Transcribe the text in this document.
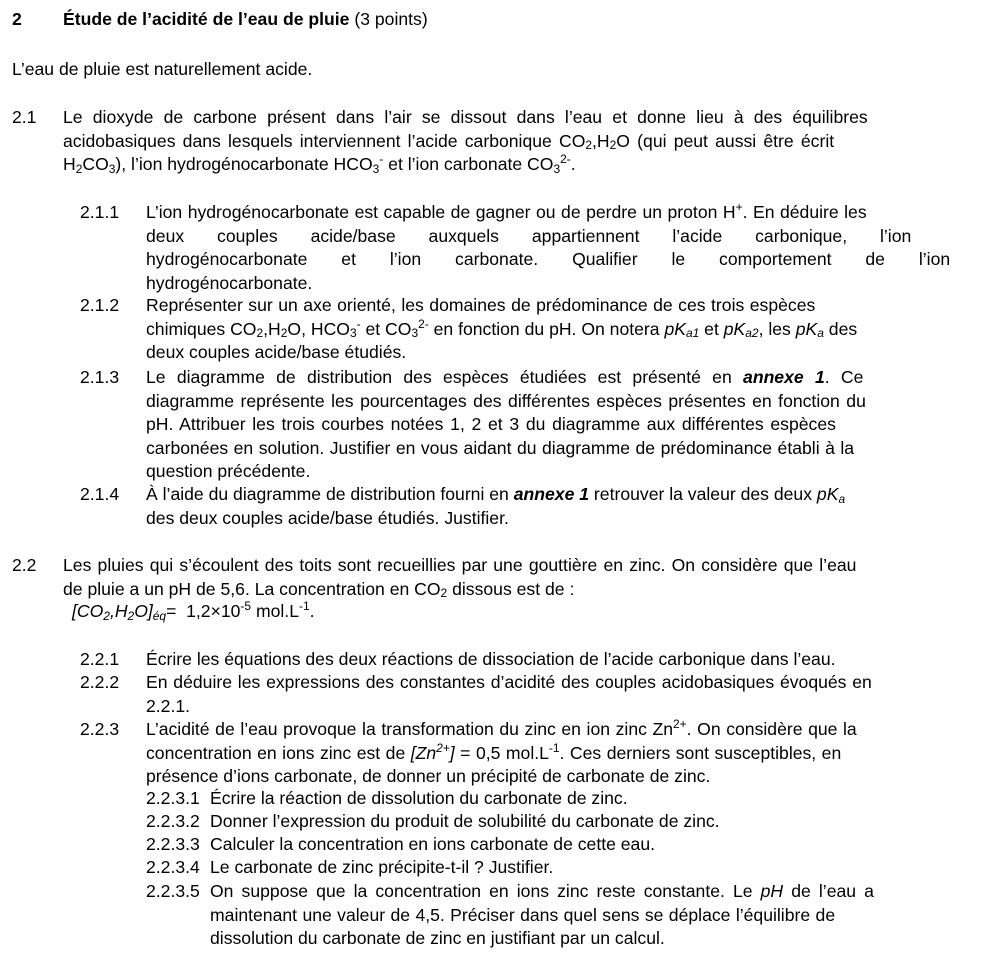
2 Étude de l’acidité de l’eau de pluie (3 points)
L’eau de pluie est naturellement acide.
2.1 Le dioxyde de carbone présent dans l’air se dissout dans l’eau et donne lieu à des équilibres
acidobasiques dans lesquels interviennent l’acide carbonique $CO_2,H_2O$ (qui peut aussi être écrit
$H_2CO_3$), l’ion hydrogénocarbonate $HCO_3^-$ et l’ion carbonate $CO_3^{2-}$.
2.1.1 L’ion hydrogénocarbonate est capable de gagner ou de perdre un proton H+. En déduire les
deux couples acide/base auxquels appartiennent l’acide carbonique, l’ion
hydrogénocarbonate et l’ion carbonate. Qualifier le comportement de l’ion
hydrogénocarbonate.
2.1.2 Représenter sur un axe orienté, les domaines de prédominance de ces trois espèces
chimiques $CO_2,H_2O$, $HCO_3^-$ et $CO_3^{2-}$ en fonction du pH. On notera $pK_{a1}$ et $pK_{a2}$, les $pK_a$ des
deux couples acide/base étudiés.
2.1.3 Le diagramme de distribution des espèces étudiées est présenté en annexe 1. Ce
diagramme représente les pourcentages des différentes espèces présentes en fonction du
pH. Attribuer les trois courbes notées 1, 2 et 3 du diagramme aux différentes espèces
carbonées en solution. Justifier en vous aidant du diagramme de prédominance établi à la
question précédente.
2.1.4 À l’aide du diagramme de distribution fourni en annexe 1 retrouver la valeur des deux $pK_a$
des deux couples acide/base étudiés. Justifier.
2.2 Les pluies qui s’écoulent des toits sont recueillies par une gouttière en zinc. On considère que l’eau
de pluie a un pH de 5,6. La concentration en $CO_2$ dissous est de :
$[CO_2,H_2O]_{éq}= 1,2\times 10^{-5}$ $mol.L^{-1}$.
2.2.1 Écrire les équations des deux réactions de dissociation de l’acide carbonique dans l’eau.
2.2.2 En déduire les expressions des constantes d’acidité des couples acidobasiques évoqués en
2.2.1.
2.2.3 L’acidité de l’eau provoque la transformation du zinc en ion zinc $Zn^{2+}$. On considère que la
concentration en ions zinc est de $[Zn^{2+}] = 0,5$ $mol.L^{-1}$. Ces derniers sont susceptibles, en
présence d’ions carbonate, de donner un précipité de carbonate de zinc.
2.2.3.1 Écrire la réaction de dissolution du carbonate de zinc.
2.2.3.2 Donner l’expression du produit de solubilité du carbonate de zinc.
2.2.3.3 Calculer la concentration en ions carbonate de cette eau.
2.2.3.4 Le carbonate de zinc précipite-t-il ? Justifier.
2.2.3.5 On suppose que la concentration en ions zinc reste constante. Le pH de l’eau a
maintenant une valeur de 4,5. Préciser dans quel sens se déplace l’équilibre de
dissolution du carbonate de zinc en justifiant par un calcul.
